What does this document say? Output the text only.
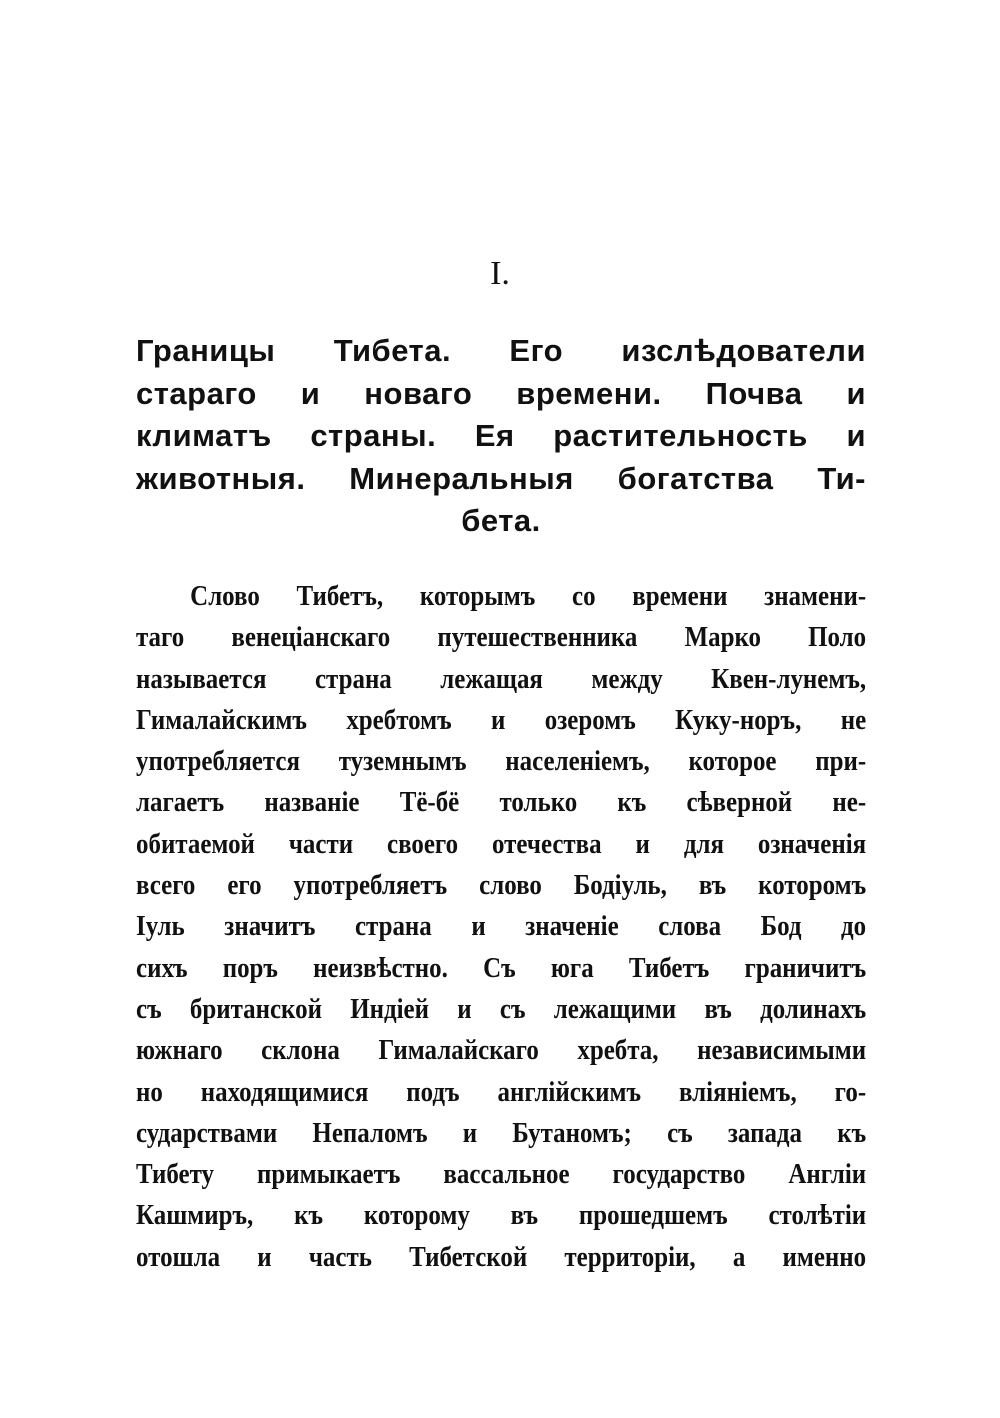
I.
Границы Тибета. Его изслѣдователи
стараго и новаго времени. Почва и
климатъ страны. Ея растительность и
животныя. Минеральныя богатства Ти-
бета.
Слово Тибетъ, которымъ со времени знамени-
таго венеціанскаго путешественника Марко Поло
называется страна лежащая между Квен-лунемъ,
Гималайскимъ хребтомъ и озеромъ Куку-норъ, не
употребляется туземнымъ населеніемъ, которое при-
лагаетъ названіе Тё-бё только къ сѣверной не-
обитаемой части своего отечества и для означенія
всего его употребляетъ слово Бодіуль, въ которомъ
Іуль значитъ страна и значеніе слова Бод до
сихъ поръ неизвѣстно. Съ юга Тибетъ граничитъ
съ британской Индіей и съ лежащими въ долинахъ
южнаго склона Гималайскаго хребта, независимыми
но находящимися подъ англійскимъ вліяніемъ, го-
сударствами Непаломъ и Бутаномъ; съ запада къ
Тибету примыкаетъ вассальное государство Англіи
Кашмиръ, къ которому въ прошедшемъ столѣтіи
отошла и часть Тибетской территоріи, а именно
